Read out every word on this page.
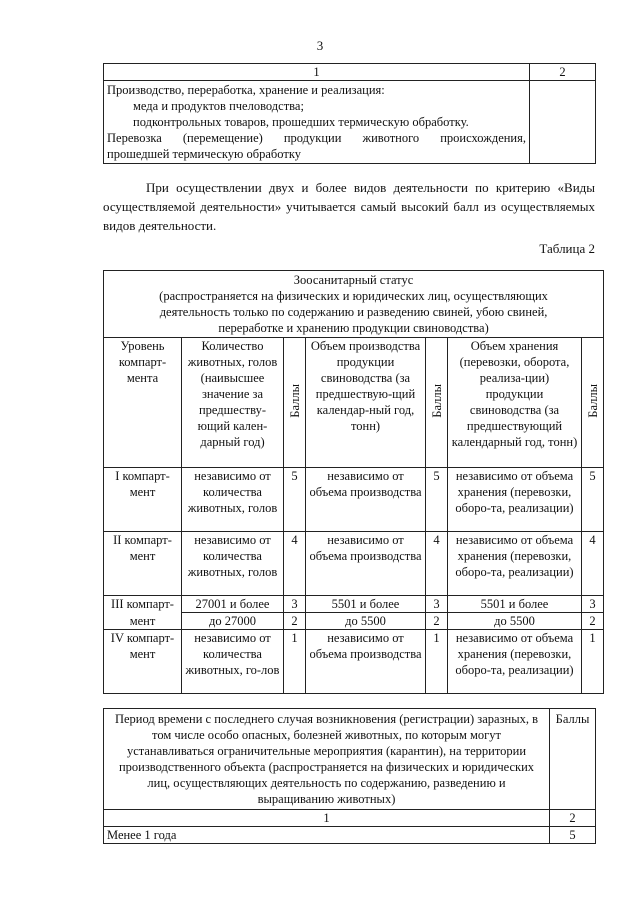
3
1	2

Производство, переработка, хранение и реализация:
меда и продуктов пчеловодства;
подконтрольных товаров, прошедших термическую обработку.
Перевозка (перемещение) продукции животного происхождения,
прошедшей термическую обработку	

При осуществлении двух и более видов деятельности по критерию «Виды осуществляемой деятельности» учитывается самый высокий балл из осуществляемых видов деятельности.
Таблица 2
Зоосанитарный статус
(распространяется на физических и юридических лиц, осуществляющих
деятельность только по содержанию и разведению свиней, убою свиней,
переработке и хранению продукции свиноводства)						

Уровень компарт-мента	Количество животных, голов (наивысшее значение за предшеству-ющий кален-дарный год)	Баллы	Объем производства продукции свиноводства (за предшествую-щий календар-ный год, тонн)	Баллы	Объем хранения (перевозки, оборота, реализа-ции) продукции свиноводства (за предшествующий календарный год, тонн)	Баллы
I компарт-мент	независимо от количества животных, голов	5	независимо от объема производства	5	независимо от объема хранения (перевозки, оборо-та, реализации)	5
II компарт-мент	независимо от количества животных, голов	4	независимо от объема производства	4	независимо от объема хранения (перевозки, оборо-та, реализации)	4
III компарт-	27001 и более	3	5501 и более	3	5501 и более	3
мент	до 27000	2	до 5500	2	до 5500	2
IV компарт-мент	независимо от количества животных, го-лов	1	независимо от объема производства	1	независимо от объема хранения (перевозки, оборо-та, реализации)	1
Период времени с последнего случая возникновения (регистрации) заразных, в том числе особо опасных, болезней животных, по которым могут устанавливаться ограничительные мероприятия (карантин), на территории производственного объекта (распространяется на физических и юридических лиц, осуществляющих деятельность по содержанию, разведению и выращиванию животных)	Баллы
1	2
Менее 1 года	5
